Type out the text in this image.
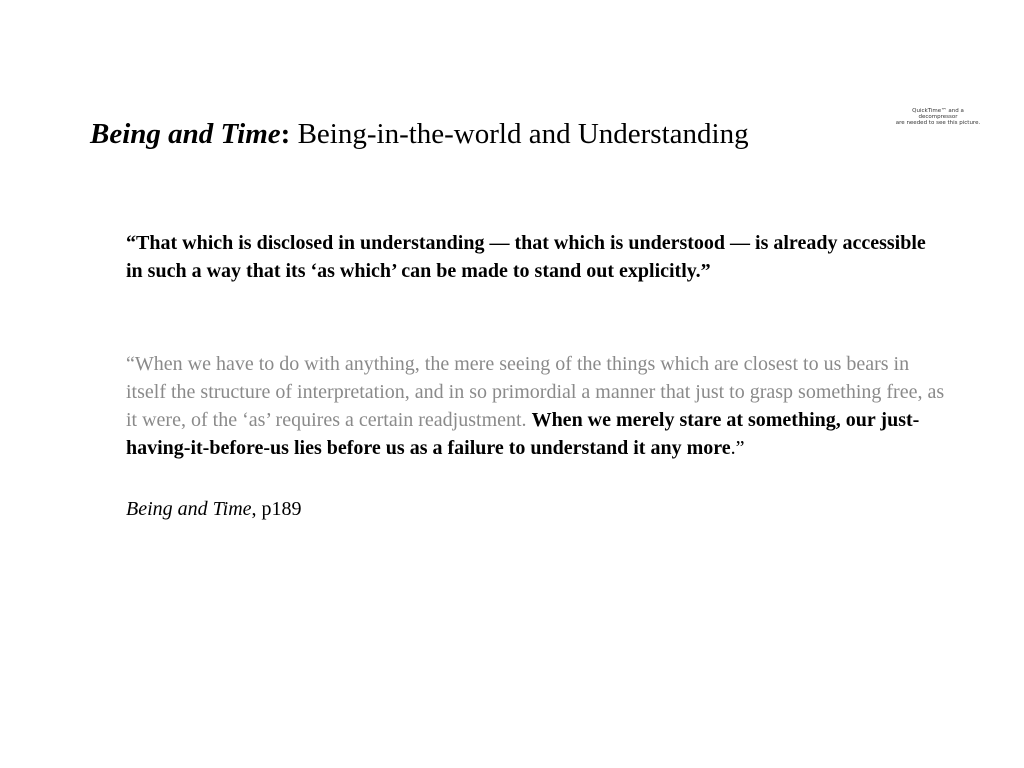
Being and Time: Being-in-the-world and Understanding
QuickTime™ and a
decompressor
are needed to see this picture.
“That which is disclosed in understanding — that which is understood — is already accessible in such a way that its ‘as which’ can be made to stand out explicitly.”
“When we have to do with anything, the mere seeing of the things which are closest to us bears in itself the structure of interpretation, and in so primordial a manner that just to grasp something free, as it were, of the ‘as’ requires a certain readjustment. When we merely stare at something, our just-having-it-before-us lies before us as a failure to understand it any more.”
Being and Time, p189
